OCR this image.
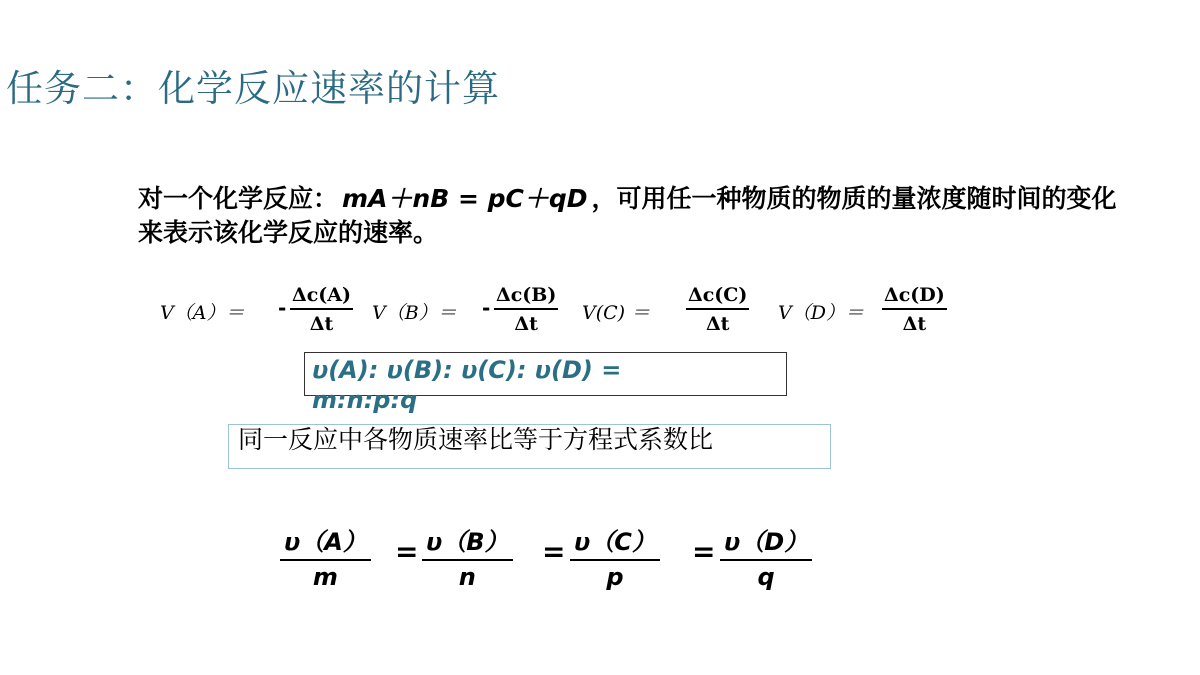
任务二：化学反应速率的计算
对一个化学反应： mA＋nB = pC＋qD ，可用任一种物质的物质的量浓度随时间的变化来表示该化学反应的速率。
$V(A)= - \frac{\Delta c(A)}{\Delta t} V(B)= - \frac{\Delta c(B)}{\Delta t} V(C) = \frac{\Delta c(C)}{\Delta t} V(D)= \frac{\Delta c(D)}{\Delta t}$
υ(A): υ(B): υ(C): υ(D) = m:n:p:q
同一反应中各物质速率比等于方程式系数比
$\frac{\upsilon(A)}{m} = \frac{\upsilon(B)}{n} = \frac{\upsilon(C)}{p} = \frac{\upsilon(D)}{q}$
